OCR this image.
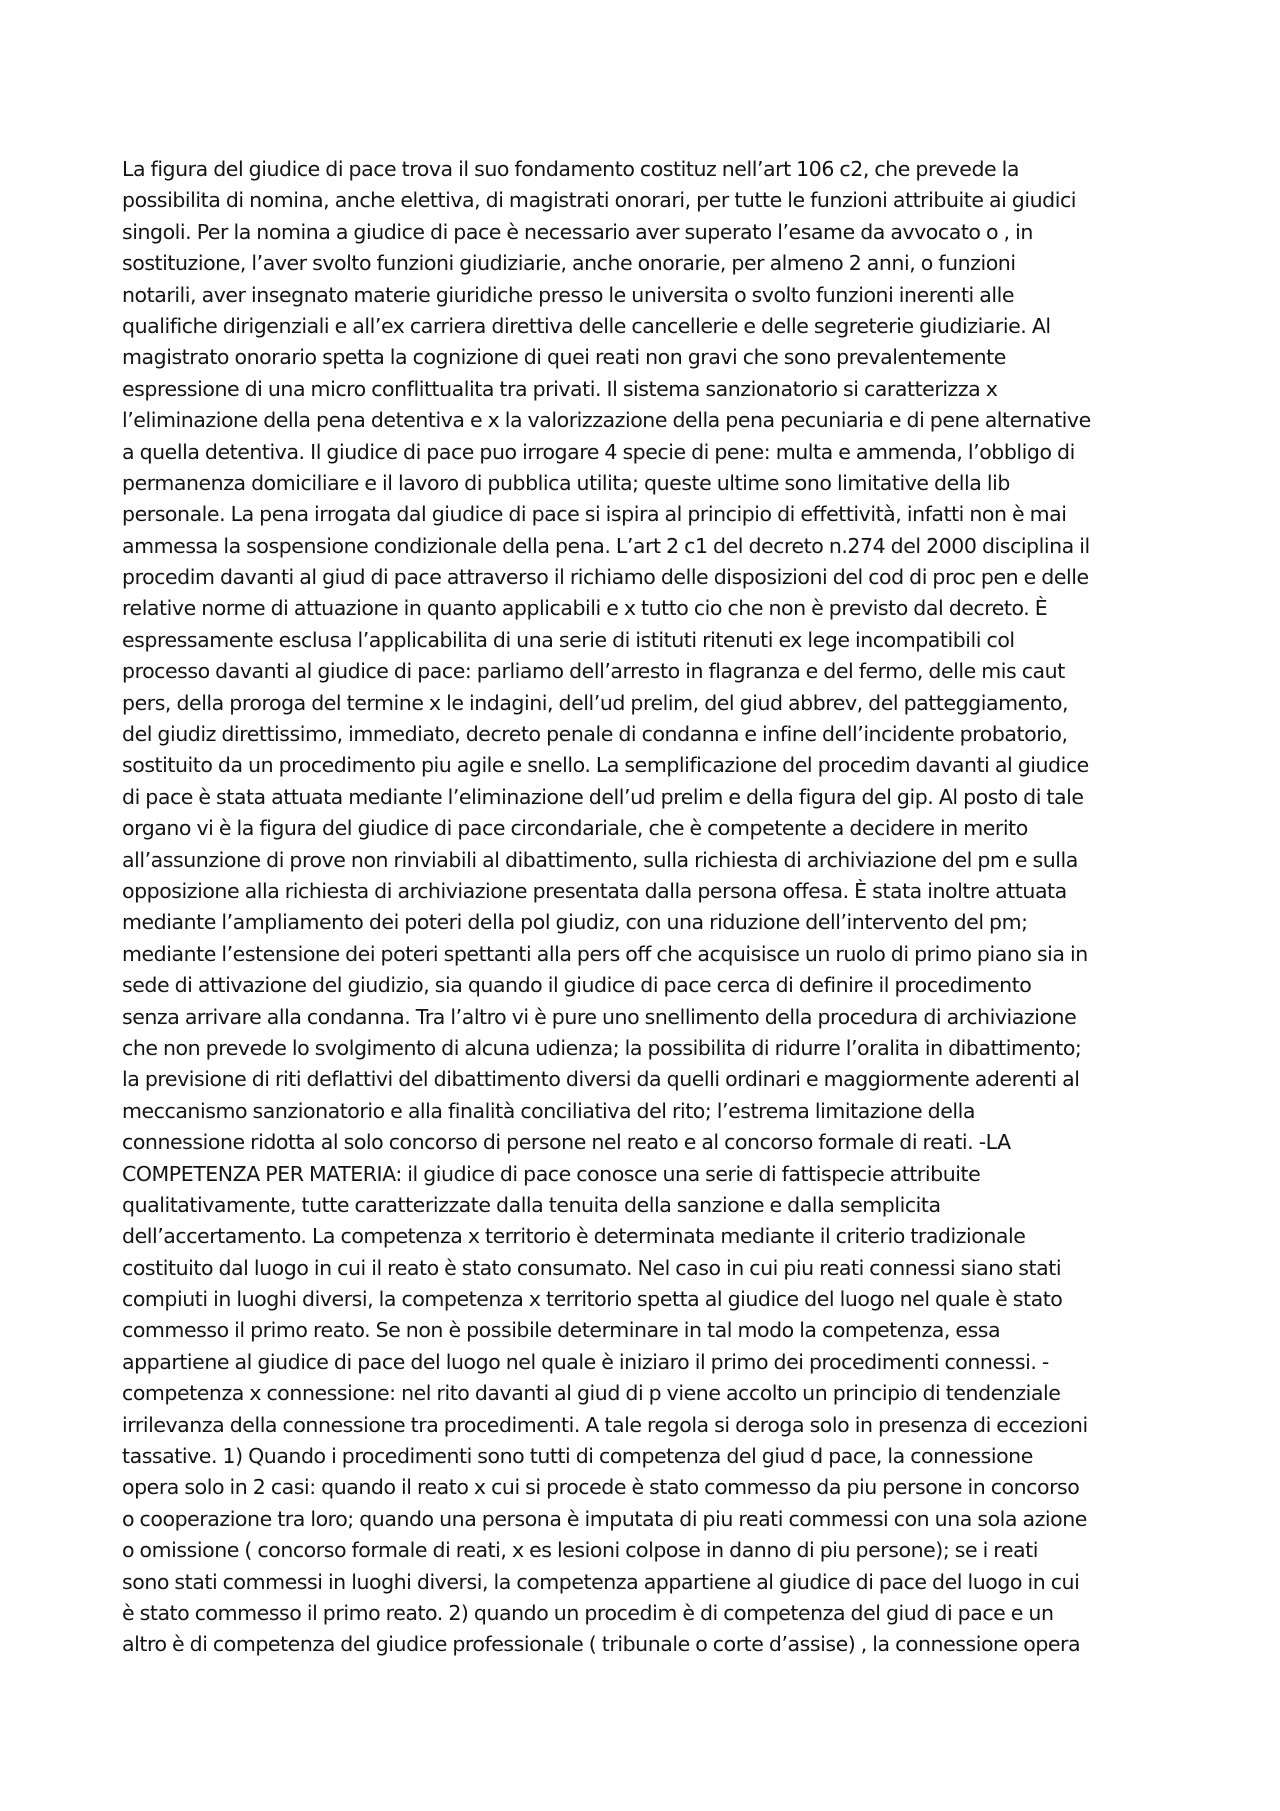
La figura del giudice di pace trova il suo fondamento costituz nell’art 106 c2, che prevede la
possibilita di nomina, anche elettiva, di magistrati onorari, per tutte le funzioni attribuite ai giudici
singoli. Per la nomina a giudice di pace è necessario aver superato l’esame da avvocato o , in
sostituzione, l’aver svolto funzioni giudiziarie, anche onorarie, per almeno 2 anni, o funzioni
notarili, aver insegnato materie giuridiche presso le universita o svolto funzioni inerenti alle
qualifiche dirigenziali e all’ex carriera direttiva delle cancellerie e delle segreterie giudiziarie. Al
magistrato onorario spetta la cognizione di quei reati non gravi che sono prevalentemente
espressione di una micro conflittualita tra privati. Il sistema sanzionatorio si caratterizza x
l’eliminazione della pena detentiva e x la valorizzazione della pena pecuniaria e di pene alternative
a quella detentiva. Il giudice di pace puo irrogare 4 specie di pene: multa e ammenda, l’obbligo di
permanenza domiciliare e il lavoro di pubblica utilita; queste ultime sono limitative della lib
personale. La pena irrogata dal giudice di pace si ispira al principio di effettività, infatti non è mai
ammessa la sospensione condizionale della pena. L’art 2 c1 del decreto n.274 del 2000 disciplina il
procedim davanti al giud di pace attraverso il richiamo delle disposizioni del cod di proc pen e delle
relative norme di attuazione in quanto applicabili e x tutto cio che non è previsto dal decreto. È
espressamente esclusa l’applicabilita di una serie di istituti ritenuti ex lege incompatibili col
processo davanti al giudice di pace: parliamo dell’arresto in flagranza e del fermo, delle mis caut
pers, della proroga del termine x le indagini, dell’ud prelim, del giud abbrev, del patteggiamento,
del giudiz direttissimo, immediato, decreto penale di condanna e infine dell’incidente probatorio,
sostituito da un procedimento piu agile e snello. La semplificazione del procedim davanti al giudice
di pace è stata attuata mediante l’eliminazione dell’ud prelim e della figura del gip. Al posto di tale
organo vi è la figura del giudice di pace circondariale, che è competente a decidere in merito
all’assunzione di prove non rinviabili al dibattimento, sulla richiesta di archiviazione del pm e sulla
opposizione alla richiesta di archiviazione presentata dalla persona offesa. È stata inoltre attuata
mediante l’ampliamento dei poteri della pol giudiz, con una riduzione dell’intervento del pm;
mediante l’estensione dei poteri spettanti alla pers off che acquisisce un ruolo di primo piano sia in
sede di attivazione del giudizio, sia quando il giudice di pace cerca di definire il procedimento
senza arrivare alla condanna. Tra l’altro vi è pure uno snellimento della procedura di archiviazione
che non prevede lo svolgimento di alcuna udienza; la possibilita di ridurre l’oralita in dibattimento;
la previsione di riti deflattivi del dibattimento diversi da quelli ordinari e maggiormente aderenti al
meccanismo sanzionatorio e alla finalità conciliativa del rito; l’estrema limitazione della
connessione ridotta al solo concorso di persone nel reato e al concorso formale di reati. -LA
COMPETENZA PER MATERIA: il giudice di pace conosce una serie di fattispecie attribuite
qualitativamente, tutte caratterizzate dalla tenuita della sanzione e dalla semplicita
dell’accertamento. La competenza x territorio è determinata mediante il criterio tradizionale
costituito dal luogo in cui il reato è stato consumato. Nel caso in cui piu reati connessi siano stati
compiuti in luoghi diversi, la competenza x territorio spetta al giudice del luogo nel quale è stato
commesso il primo reato. Se non è possibile determinare in tal modo la competenza, essa
appartiene al giudice di pace del luogo nel quale è iniziaro il primo dei procedimenti connessi. -
competenza x connessione: nel rito davanti al giud di p viene accolto un principio di tendenziale
irrilevanza della connessione tra procedimenti. A tale regola si deroga solo in presenza di eccezioni
tassative. 1) Quando i procedimenti sono tutti di competenza del giud d pace, la connessione
opera solo in 2 casi: quando il reato x cui si procede è stato commesso da piu persone in concorso
o cooperazione tra loro; quando una persona è imputata di piu reati commessi con una sola azione
o omissione ( concorso formale di reati, x es lesioni colpose in danno di piu persone); se i reati
sono stati commessi in luoghi diversi, la competenza appartiene al giudice di pace del luogo in cui
è stato commesso il primo reato. 2) quando un procedim è di competenza del giud di pace e un
altro è di competenza del giudice professionale ( tribunale o corte d’assise) , la connessione opera
